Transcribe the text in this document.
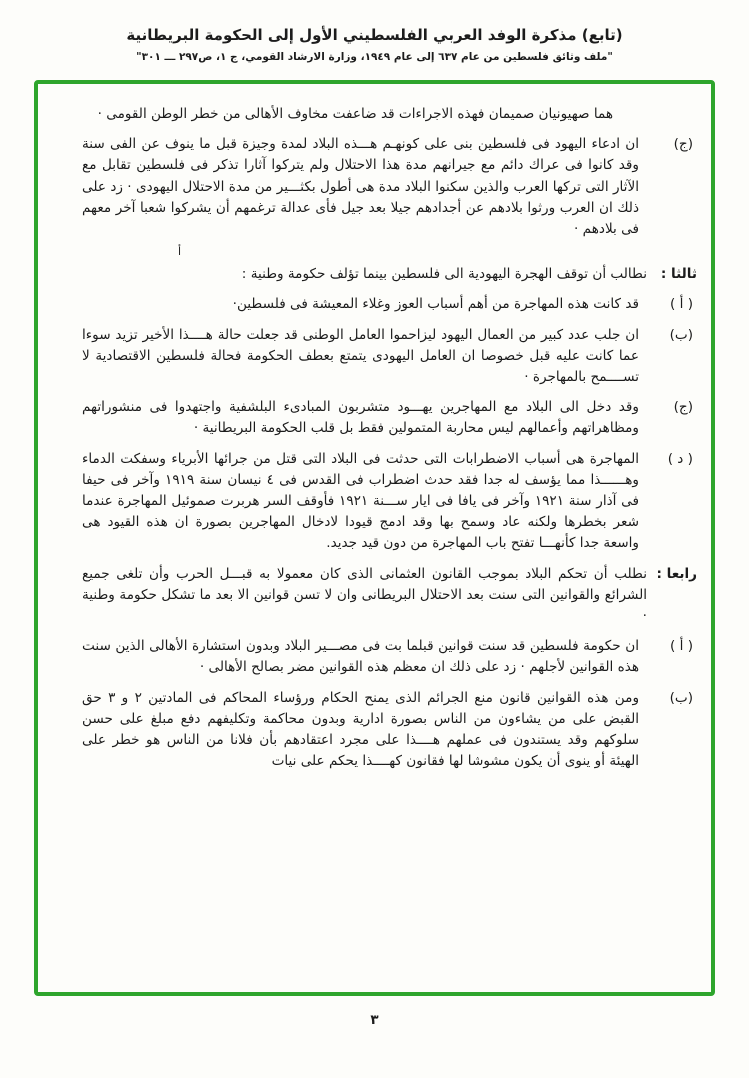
(تابع) مذكرة الوفد العربي الفلسطيني الأول إلى الحكومة البريطانية
"ملف وثائق فلسطين من عام ٦٣٧ إلى عام ١٩٤٩، وزارة الارشاد القومي، ج ١، ص٢٩٧ ـــ ٣٠١"

هما صهيونيان صميمان فهذه الاجراءات قد ضاعفت مخاوف الأهالى من خطر الوطن القومى ·

(ج)
ان ادعاء اليهود فى فلسطين بنى على كونهـم هـــذه البلاد لمدة وجيزة قبل ما ينوف عن الفى سنة وقد كانوا فى عراك دائم مع جيرانهم مدة هذا الاحتلال ولم يتركوا آثارا تذكر فى فلسطين تقابل مع الآثار التى تركها العرب والذين سكنوا البلاد مدة هى أطول بكثـــير من مدة الاحتلال اليهودى · زد على ذلك ان العرب ورثوا بلادهم عن أجدادهم جيلا بعد جيل فأى عدالة ترغمهم أن يشركوا شعبا آخر معهم فى بلادهم ·
أ
ثالثا :
نطالب أن توقف الهجرة اليهودية الى فلسطين بينما تؤلف حكومة وطنية :
( أ )
قد كانت هذه المهاجرة من أهم أسباب العوز وغلاء المعيشة فى فلسطين·
(ب)
ان جلب عدد كبير من العمال اليهود ليزاحموا العامل الوطنى قد جعلت حالة هــــذا الأخير تزيد سوءا عما كانت عليه قبل خصوصا ان العامل اليهودى يتمتع بعطف الحكومة فحالة فلسطين الاقتصادية لا تســــمح بالمهاجرة ·
(ج)
وقد دخل الى البلاد مع المهاجرين يهـــود متشربون المبادىء البلشفية واجتهدوا فى منشوراتهم ومظاهراتهم وأعمالهم ليس محاربة المتمولين فقط بل قلب الحكومة البريطانية ·
( د )
المهاجرة هى أسباب الاضطرابات التى حدثت فى البلاد التى قتل من جرائها الأبرياء وسفكت الدماء وهــــــذا مما يؤسف له جدا فقد حدث اضطراب فى القدس فى ٤ نيسان سنة ١٩١٩ وآخر فى حيفا فى آذار سنة ١٩٢١ وآخر فى يافا فى ايار ســـنة ١٩٢١ فأوقف السر هربرت صموئيل المهاجرة عندما شعر بخطرها ولكنه عاد وسمح بها وقد ادمج قيودا لادخال المهاجرين بصورة ان هذه القيود هى واسعة جدا كأنهـــا تفتح باب المهاجرة من دون قيد جديد.
رابعا :
نطلب أن تحكم البلاد بموجب القانون العثمانى الذى كان معمولا به قبـــل الحرب وأن تلغى جميع الشرائع والقوانين التى سنت بعد الاحتلال البريطانى وان لا تسن قوانين الا بعد ما تشكل حكومة وطنية ·
( أ )
ان حكومة فلسطين قد سنت قوانين قبلما بت فى مصـــير البلاد وبدون استشارة الأهالى الذين سنت هذه القوانين لأجلهم · زد على ذلك ان معظم هذه القوانين مضر بصالح الأهالى ·
(ب)
ومن هذه القوانين قانون منع الجرائم الذى يمنح الحكام ورؤساء المحاكم فى المادتين ٢ و ٣ حق القبض على من يشاءون من الناس بصورة ادارية وبدون محاكمة وتكليفهم دفع مبلغ على حسن سلوكهم وقد يستندون فى عملهم هــــذا على مجرد اعتقادهم بأن فلانا من الناس هو خطر على الهيئة أو ينوى أن يكون مشوشا لها فقانون كهــــذا يحكم على نيات
٣
